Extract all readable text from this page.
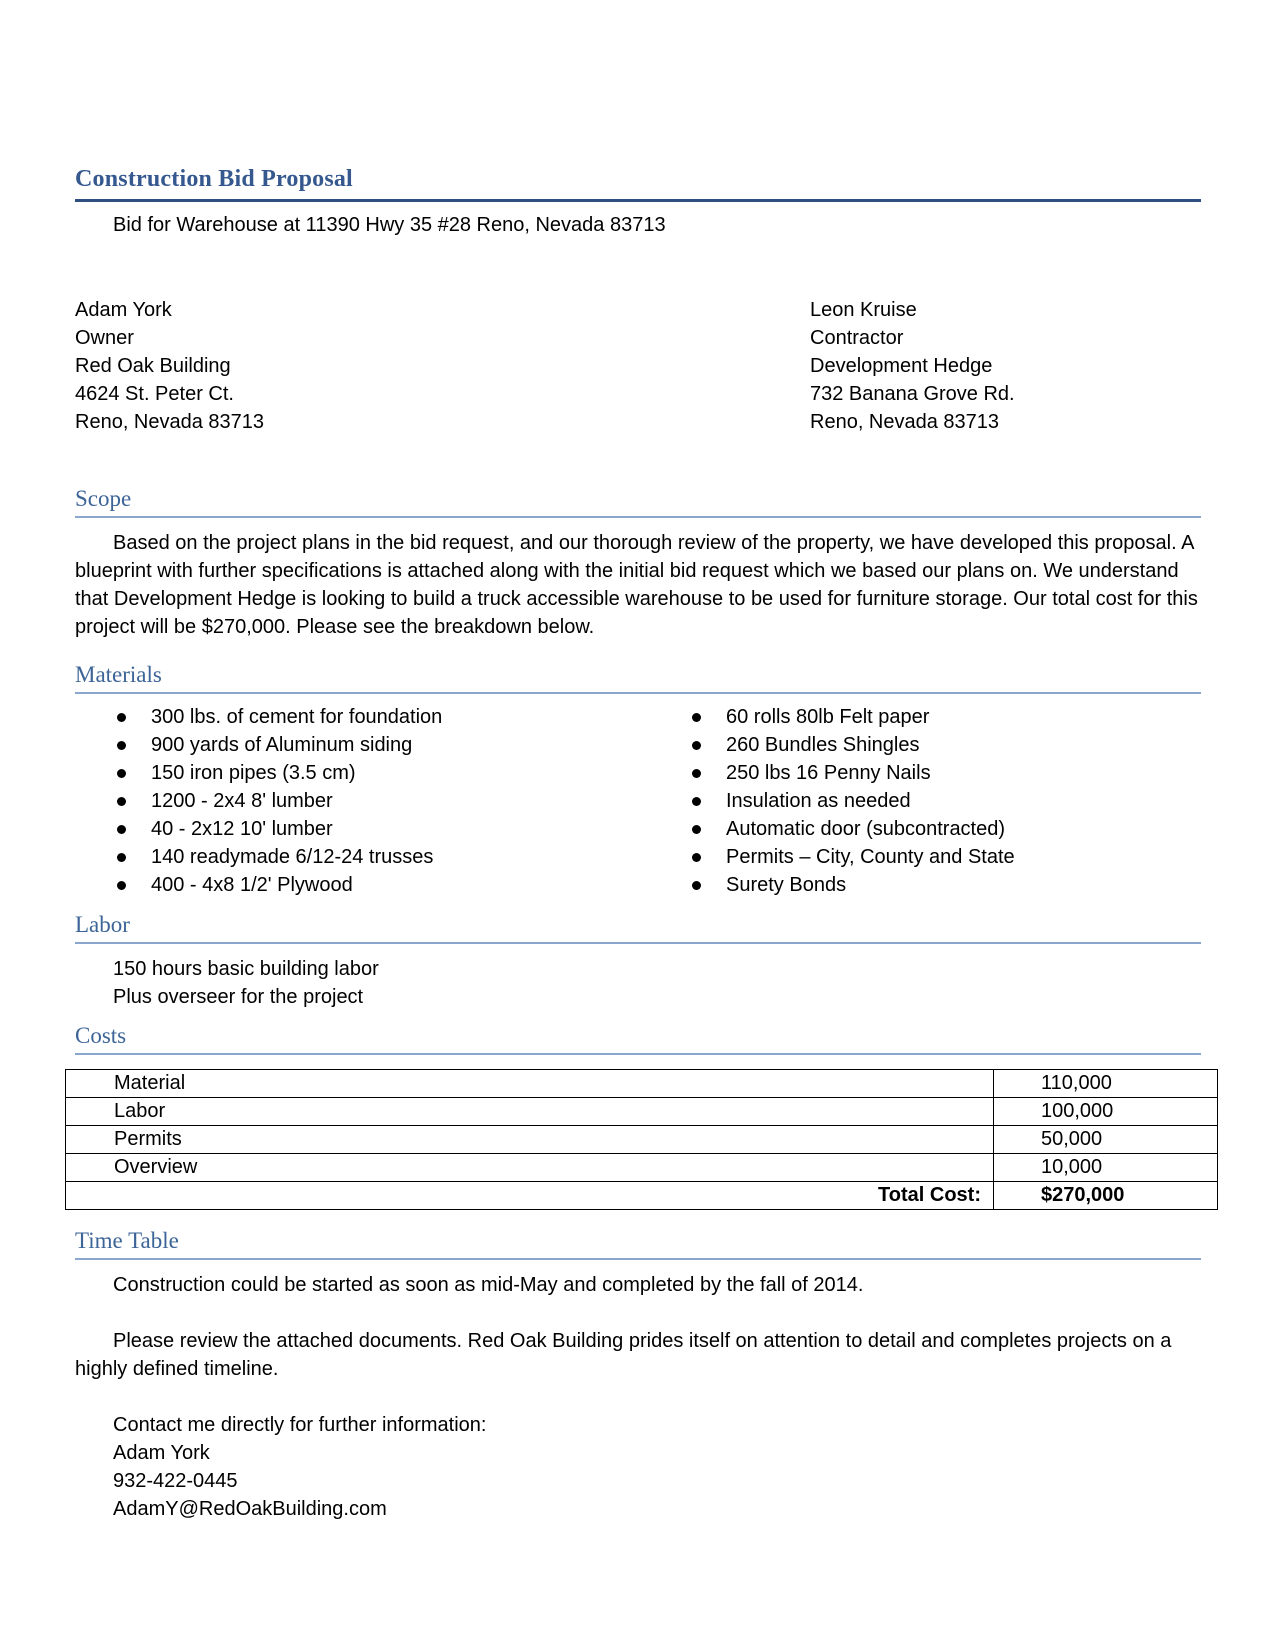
Construction Bid Proposal
Bid for Warehouse at 11390 Hwy 35 #28 Reno, Nevada 83713
Adam York
Owner
Red Oak Building
4624 St. Peter Ct.
Reno, Nevada 83713
Leon Kruise
Contractor
Development Hedge
732 Banana Grove Rd.
Reno, Nevada 83713
Scope
Based on the project plans in the bid request, and our thorough review of the property, we have developed this proposal. A blueprint with further specifications is attached along with the initial bid request which we based our plans on. We understand that Development Hedge is looking to build a truck accessible warehouse to be used for furniture storage. Our total cost for this project will be $270,000. Please see the breakdown below.
Materials
300 lbs. of cement for foundation
900 yards of Aluminum siding
150 iron pipes (3.5 cm)
1200 - 2x4 8' lumber
40 - 2x12 10' lumber
140 readymade 6/12-24 trusses
400 - 4x8 1/2' Plywood
60 rolls 80lb Felt paper
260 Bundles Shingles
250 lbs 16 Penny Nails
Insulation as needed
Automatic door (subcontracted)
Permits – City, County and State
Surety Bonds
Labor
150 hours basic building labor
Plus overseer for the project
Costs
Material	110,000
Labor	100,000
Permits	50,000
Overview	10,000
Total Cost:	$270,000
Time Table
Construction could be started as soon as mid-May and completed by the fall of 2014.
Please review the attached documents. Red Oak Building prides itself on attention to detail and completes projects on a highly defined timeline.
Contact me directly for further information:
Adam York
932-422-0445
AdamY@RedOakBuilding.com
